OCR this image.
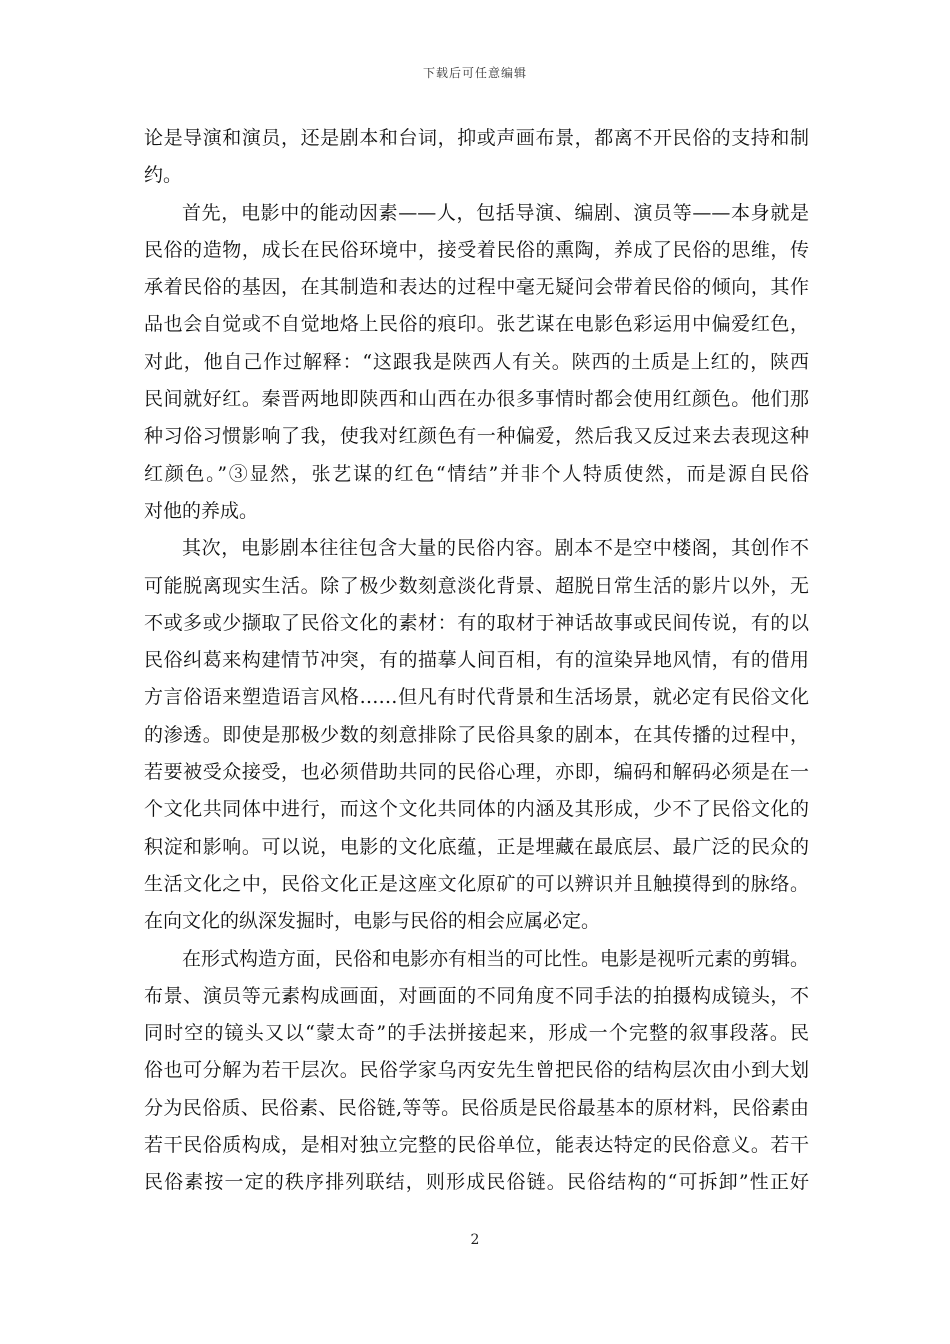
下载后可任意编辑
论是导演和演员，还是剧本和台词，抑或声画布景，都离不开民俗的支持和制
约。
首先，电影中的能动因素——人，包括导演、编剧、演员等——本身就是
民俗的造物，成长在民俗环境中，接受着民俗的熏陶，养成了民俗的思维，传
承着民俗的基因，在其制造和表达的过程中毫无疑问会带着民俗的倾向，其作
品也会自觉或不自觉地烙上民俗的痕印。张艺谋在电影色彩运用中偏爱红色，
对此，他自己作过解释：“这跟我是陕西人有关。陕西的土质是上红的，陕西
民间就好红。秦晋两地即陕西和山西在办很多事情时都会使用红颜色。他们那
种习俗习惯影响了我，使我对红颜色有一种偏爱，然后我又反过来去表现这种
红颜色。”③显然，张艺谋的红色“情结”并非个人特质使然，而是源自民俗
对他的养成。
其次，电影剧本往往包含大量的民俗内容。剧本不是空中楼阁，其创作不
可能脱离现实生活。除了极少数刻意淡化背景、超脱日常生活的影片以外，无
不或多或少撷取了民俗文化的素材：有的取材于神话故事或民间传说，有的以
民俗纠葛来构建情节冲突，有的描摹人间百相，有的渲染异地风情，有的借用
方言俗语来塑造语言风格……但凡有时代背景和生活场景，就必定有民俗文化
的渗透。即使是那极少数的刻意排除了民俗具象的剧本，在其传播的过程中，
若要被受众接受，也必须借助共同的民俗心理，亦即，编码和解码必须是在一
个文化共同体中进行，而这个文化共同体的内涵及其形成，少不了民俗文化的
积淀和影响。可以说，电影的文化底蕴，正是埋藏在最底层、最广泛的民众的
生活文化之中，民俗文化正是这座文化原矿的可以辨识并且触摸得到的脉络。
在向文化的纵深发掘时，电影与民俗的相会应属必定。
在形式构造方面，民俗和电影亦有相当的可比性。电影是视听元素的剪辑。
布景、演员等元素构成画面，对画面的不同角度不同手法的拍摄构成镜头，不
同时空的镜头又以“蒙太奇”的手法拼接起来，形成一个完整的叙事段落。民
俗也可分解为若干层次。民俗学家乌丙安先生曾把民俗的结构层次由小到大划
分为民俗质、民俗素、民俗链,等等。民俗质是民俗最基本的原材料，民俗素由
若干民俗质构成，是相对独立完整的民俗单位，能表达特定的民俗意义。若干
民俗素按一定的秩序排列联结，则形成民俗链。民俗结构的“可拆卸”性正好
2
